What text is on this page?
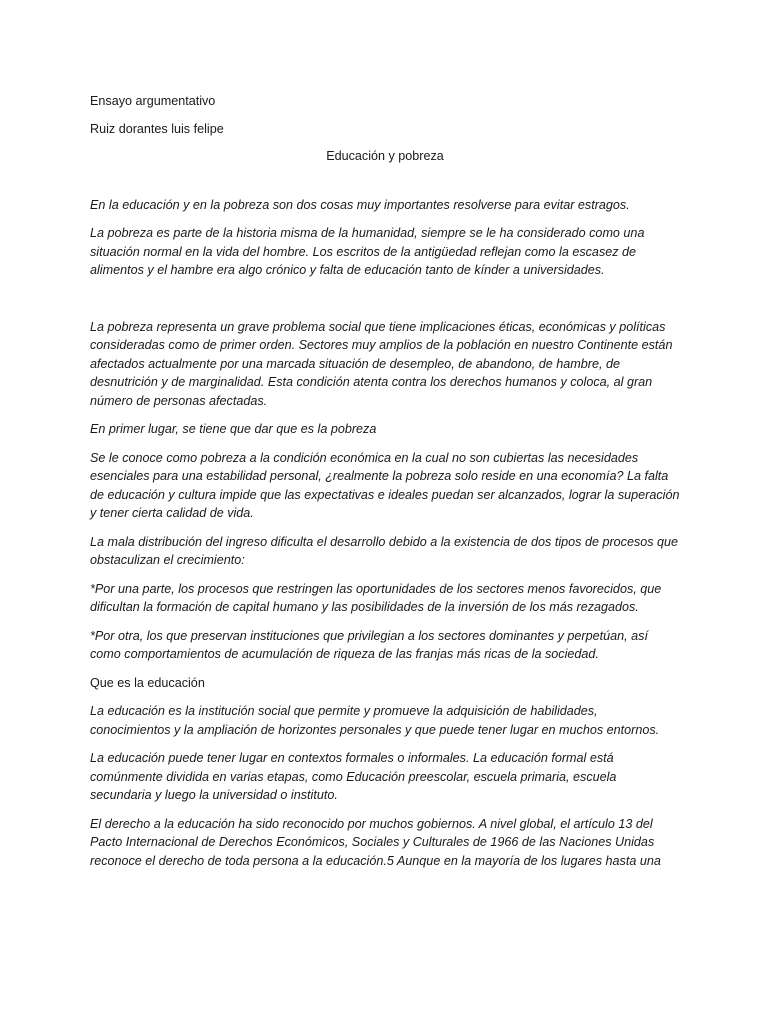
Ensayo argumentativo

Ruiz dorantes luis felipe

Educación y pobreza

En la educación y en la pobreza son dos cosas muy importantes resolverse para evitar estragos.

La pobreza es parte de la historia misma de la humanidad, siempre se le ha considerado como una situación normal en la vida del hombre. Los escritos de la antigüedad reflejan como la escasez de alimentos y el hambre era algo crónico y falta de educación tanto de kínder a universidades.

La pobreza representa un grave problema social que tiene implicaciones éticas, económicas y políticas consideradas como de primer orden. Sectores muy amplios de la población en nuestro Continente están afectados actualmente por una marcada situación de desempleo, de abandono, de hambre, de desnutrición y de marginalidad. Esta condición atenta contra los derechos humanos y coloca, al gran número de personas afectadas.

En primer lugar, se tiene que dar que es la pobreza

Se le conoce como pobreza a la condición económica en la cual no son cubiertas las necesidades esenciales para una estabilidad personal, ¿realmente la pobreza solo reside en una economía? La falta de educación y cultura impide que las expectativas e ideales puedan ser alcanzados, lograr la superación y tener cierta calidad de vida.

La mala distribución del ingreso dificulta el desarrollo debido a la existencia de dos tipos de procesos que obstaculizan el crecimiento:

*Por una parte, los procesos que restringen las oportunidades de los sectores menos favorecidos, que dificultan la formación de capital humano y las posibilidades de la inversión de los más rezagados.

*Por otra, los que preservan instituciones que privilegian a los sectores dominantes y perpetúan, así como comportamientos de acumulación de riqueza de las franjas más ricas de la sociedad.

Que es la educación

La educación es la institución social que permite y promueve la adquisición de habilidades, conocimientos y la ampliación de horizontes personales y que puede tener lugar en muchos entornos.

La educación puede tener lugar en contextos formales o informales. La educación formal está comúnmente dividida en varias etapas, como Educación preescolar, escuela primaria, escuela secundaria y luego la universidad o instituto.

El derecho a la educación ha sido reconocido por muchos gobiernos. A nivel global, el artículo 13 del Pacto Internacional de Derechos Económicos, Sociales y Culturales de 1966 de las Naciones Unidas reconoce el derecho de toda persona a la educación.5 Aunque en la mayoría de los lugares hasta una
